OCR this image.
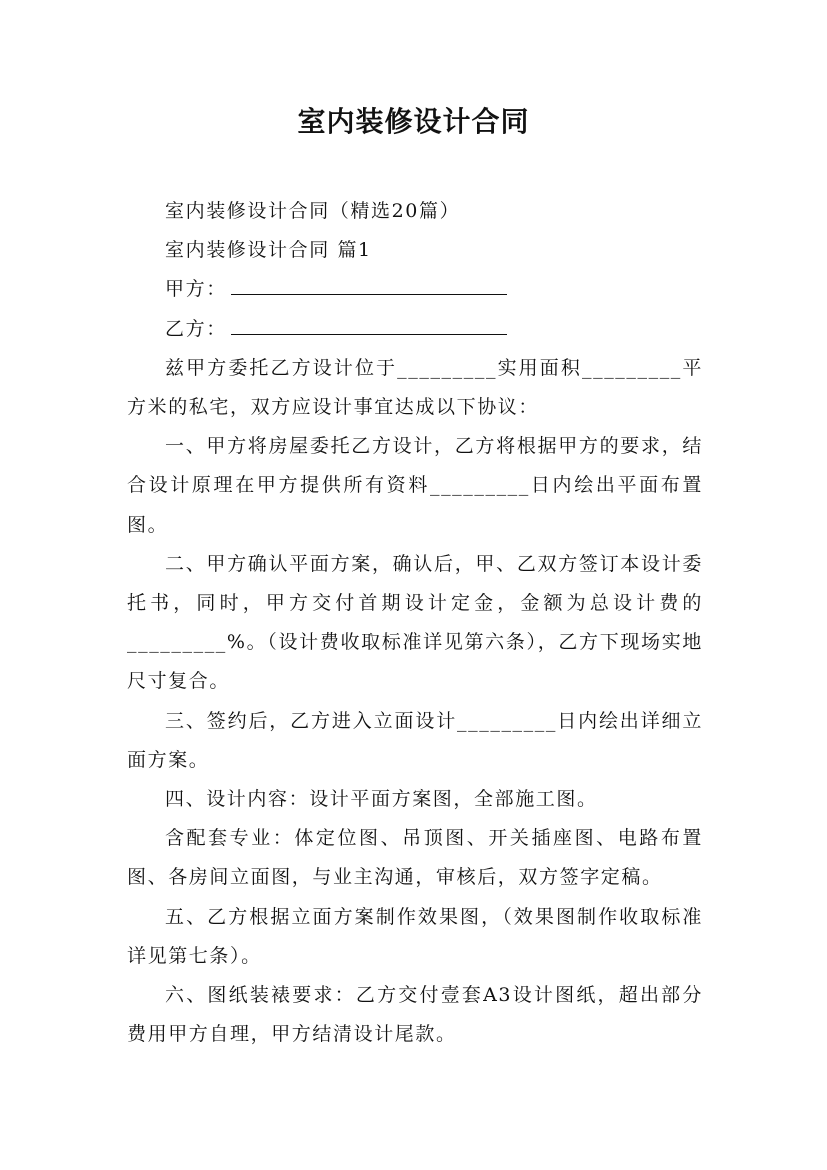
室内装修设计合同

室内装修设计合同（精选20篇）

室内装修设计合同 篇1

甲方：

乙方：

兹甲方委托乙方设计位于_________实用面积_________平方米的私宅，双方应设计事宜达成以下协议：

一、甲方将房屋委托乙方设计，乙方将根据甲方的要求，结合设计原理在甲方提供所有资料_________日内绘出平面布置图。

二、甲方确认平面方案，确认后，甲、乙双方签订本设计委托书，同时，甲方交付首期设计定金，金额为总设计费的_________%。（设计费收取标准详见第六条），乙方下现场实地尺寸复合。

三、签约后，乙方进入立面设计_________日内绘出详细立面方案。

四、设计内容：设计平面方案图，全部施工图。

含配套专业：体定位图、吊顶图、开关插座图、电路布置图、各房间立面图，与业主沟通，审核后，双方签字定稿。

五、乙方根据立面方案制作效果图，（效果图制作收取标准详见第七条）。

六、图纸装裱要求：乙方交付壹套A3设计图纸，超出部分费用甲方自理，甲方结清设计尾款。
